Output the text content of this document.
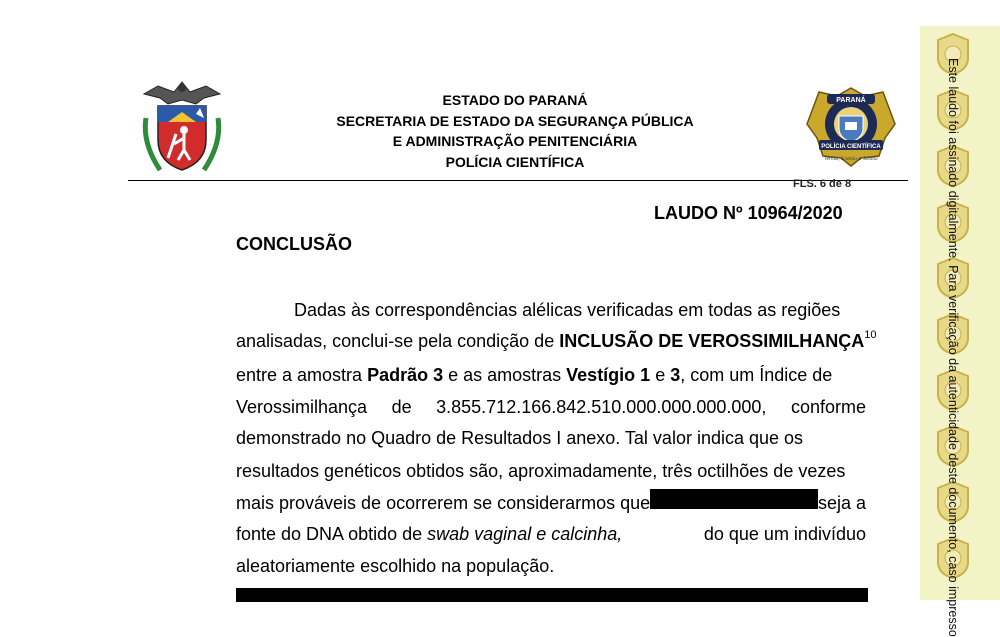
ESTADO DO PARANÁ
SECRETARIA DE ESTADO DA SEGURANÇA PÚBLICA
E ADMINISTRAÇÃO PENITENCIÁRIA
POLÍCIA CIENTÍFICA
PARANÁ
POLÍCIA CIENTÍFICA
Veritas, Scientia et Justitia
FLS. 6 de 8
LAUDO Nº 10964/2020
CONCLUSÃO
Dadas às correspondências alélicas verificadas em todas as regiões
analisadas, conclui-se pela condição de INCLUSÃO DE VEROSSIMILHANÇA$^{10}$
entre a amostra Padrão 3 e as amostras Vestígio 1 e 3, com um Índice de
Verossimilhança de 3.855.712.166.842.510.000.000.000.000, conforme
demonstrado no Quadro de Resultados I anexo. Tal valor indica que os
resultados genéticos obtidos são, aproximadamente, três octilhões de vezes
mais prováveis de ocorrerem se considerarmos que	seja a
fonte do DNA obtido de swab vaginal e calcinha,	do que um indivíduo
aleatoriamente escolhido na população.	Este laudo foi assinado digitalmente. Para verificação da autenticidade deste documento, caso impresso
